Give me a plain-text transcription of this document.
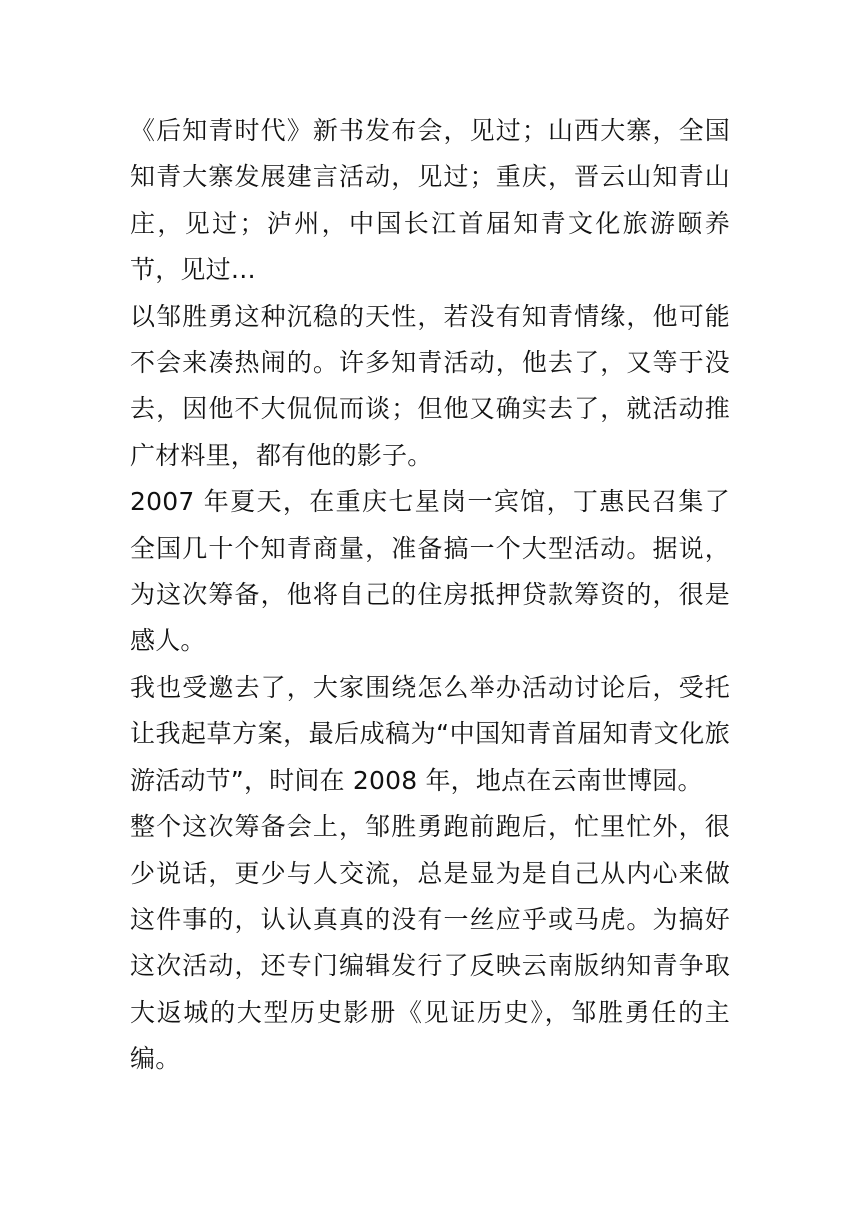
《后知青时代》新书发布会，见过；山西大寨，全国知青大寨发展建言活动，见过；重庆，晋云山知青山庄，见过；泸州，中国长江首届知青文化旅游颐养节，见过…

以邹胜勇这种沉稳的天性，若没有知青情缘，他可能不会来凑热闹的。许多知青活动，他去了，又等于没去，因他不大侃侃而谈；但他又确实去了，就活动推广材料里，都有他的影子。

2007 年夏天，在重庆七星岗一宾馆，丁惠民召集了全国几十个知青商量，准备搞一个大型活动。据说，为这次筹备，他将自己的住房抵押贷款筹资的，很是感人。

我也受邀去了，大家围绕怎么举办活动讨论后，受托让我起草方案，最后成稿为“中国知青首届知青文化旅游活动节”，时间在 2008 年，地点在云南世博园。

整个这次筹备会上，邹胜勇跑前跑后，忙里忙外，很少说话，更少与人交流，总是显为是自己从内心来做这件事的，认认真真的没有一丝应乎或马虎。为搞好这次活动，还专门编辑发行了反映云南版纳知青争取大返城的大型历史影册《见证历史》，邹胜勇任的主编。
